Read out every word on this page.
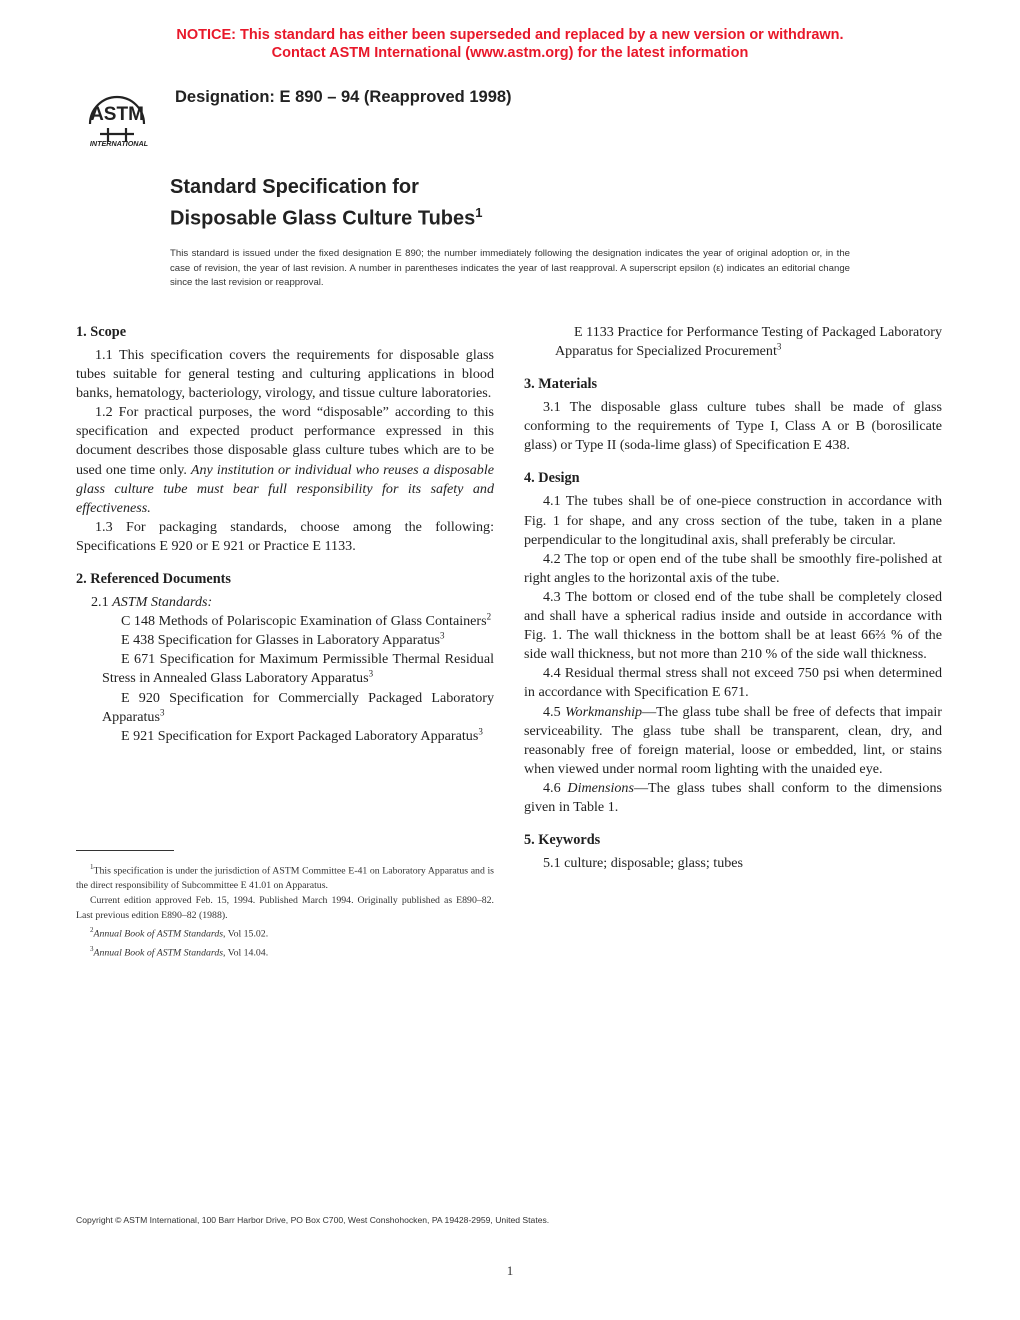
NOTICE: This standard has either been superseded and replaced by a new version or withdrawn.
Contact ASTM International (www.astm.org) for the latest information
ASTM
INTERNATIONAL
Designation: E 890 – 94 (Reapproved 1998)
Standard Specification for
Disposable Glass Culture Tubes$^1$
This standard is issued under the fixed designation E 890; the number immediately following the designation indicates the year of original adoption or, in the case of revision, the year of last revision. A number in parentheses indicates the year of last reapproval. A superscript epsilon (ε) indicates an editorial change since the last revision or reapproval.
1. Scope

1.1 This specification covers the requirements for disposable glass tubes suitable for general testing and culturing applications in blood banks, hematology, bacteriology, virology, and tissue culture laboratories.

1.2 For practical purposes, the word “disposable” according to this specification and expected product performance expressed in this document describes those disposable glass culture tubes which are to be used one time only. Any institution or individual who reuses a disposable glass culture tube must bear full responsibility for its safety and effectiveness.

1.3 For packaging standards, choose among the following: Specifications E 920 or E 921 or Practice E 1133.

2. Referenced Documents

2.1 ASTM Standards:

C 148 Methods of Polariscopic Examination of Glass Containers$^2$

E 438 Specification for Glasses in Laboratory Apparatus$^3$

E 671 Specification for Maximum Permissible Thermal Residual Stress in Annealed Glass Laboratory Apparatus$^3$

E 920 Specification for Commercially Packaged Laboratory Apparatus$^3$

E 921 Specification for Export Packaged Laboratory Apparatus$^3$

$^1$This specification is under the jurisdiction of ASTM Committee E-41 on Laboratory Apparatus and is the direct responsibility of Subcommittee E 41.01 on Apparatus.

Current edition approved Feb. 15, 1994. Published March 1994. Originally published as E890–82. Last previous edition E890–82 (1988).

$^2$Annual Book of ASTM Standards, Vol 15.02.

$^3$Annual Book of ASTM Standards, Vol 14.04.

E 1133 Practice for Performance Testing of Packaged Laboratory Apparatus for Specialized Procurement$^3$

3. Materials

3.1 The disposable glass culture tubes shall be made of glass conforming to the requirements of Type I, Class A or B (borosilicate glass) or Type II (soda-lime glass) of Specification E 438.

4. Design

4.1 The tubes shall be of one-piece construction in accordance with Fig. 1 for shape, and any cross section of the tube, taken in a plane perpendicular to the longitudinal axis, shall preferably be circular.

4.2 The top or open end of the tube shall be smoothly fire-polished at right angles to the horizontal axis of the tube.

4.3 The bottom or closed end of the tube shall be completely closed and shall have a spherical radius inside and outside in accordance with Fig. 1. The wall thickness in the bottom shall be at least 66⅔ % of the side wall thickness, but not more than 210 % of the side wall thickness.

4.4 Residual thermal stress shall not exceed 750 psi when determined in accordance with Specification E 671.

4.5 Workmanship—The glass tube shall be free of defects that impair serviceability. The glass tube shall be transparent, clean, dry, and reasonably free of foreign material, loose or embedded, lint, or stains when viewed under normal room lighting with the unaided eye.

4.6 Dimensions—The glass tubes shall conform to the dimensions given in Table 1.

5. Keywords

5.1 culture; disposable; glass; tubes

Copyright © ASTM International, 100 Barr Harbor Drive, PO Box C700, West Conshohocken, PA 19428-2959, United States.
1
